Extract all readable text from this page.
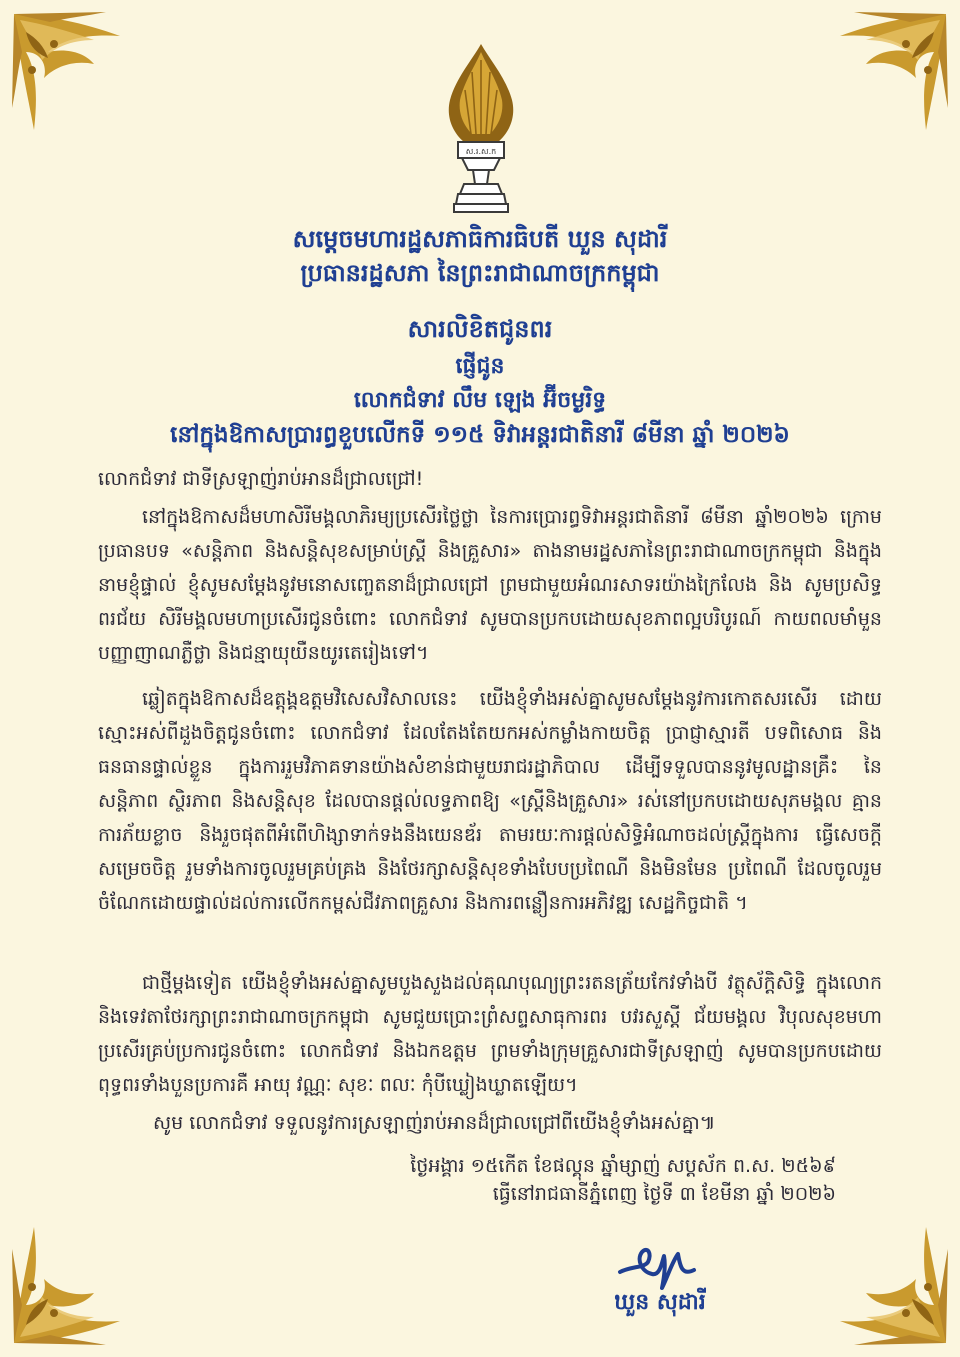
ស.រ.ស.ក
សម្តេចមហារដ្ឋសភាធិការធិបតី ឃួន សុដារី
ប្រធានរដ្ឋសភា នៃព្រះរាជាណាចក្រកម្ពុជា
សារលិខិតជូនពរ
ផ្ញើជូន
លោកជំទាវ លឹម ឡេង អ៊ីចម្ងរិទ្ធ
នៅក្នុងឱកាសប្រារព្ធខួបលើកទី ១១៥ ទិវាអន្តរជាតិនារី ៨មីនា ឆ្នាំ ២០២៦
លោកជំទាវ ជាទីស្រឡាញ់រាប់អានដ៏ជ្រាលជ្រៅ!
នៅក្នុងឱកាសដ៏មហាសិរីមង្គលាភិរម្យប្រសើរថ្លៃថ្លា នៃការប្រោរព្ធទិវាអន្តរជាតិនារី ៨មីនា ឆ្នាំ២០២៦ ក្រោមប្រធានបទ «សន្តិភាព និងសន្តិសុខសម្រាប់ស្ត្រី និងគ្រួសារ» តាងនាមរដ្ឋសភានៃព្រះរាជាណាចក្រកម្ពុជា និងក្នុងនាមខ្ញុំផ្ទាល់ ខ្ញុំសូមសម្តែងនូវមនោសញ្ចេតនាដ៏ជ្រាលជ្រៅ ព្រមជាមួយអំណរសាទរយ៉ាងក្រៃលែង និង សូមប្រសិទ្ធពរជ័យ សិរីមង្គលមហាប្រសើរជូនចំពោះ លោកជំទាវ សូមបានប្រកបដោយសុខភាពល្អបរិបូរណ៍ កាយពលមាំមួន បញ្ញាញាណភ្លឺថ្លា និងជន្មាយុយឺនយូរតេរៀងទៅ។
ឆ្លៀតក្នុងឱកាសដ៏ឧត្តុង្គឧត្តមវិសេសវិសាលនេះ យើងខ្ញុំទាំងអស់គ្នាសូមសម្តែងនូវការកោតសរសើរ ដោយស្មោះអស់ពីដួងចិត្តជូនចំពោះ លោកជំទាវ ដែលតែងតែយកអស់កម្លាំងកាយចិត្ត ប្រាជ្ញាស្មារតី បទពិសោធ និងធនធានផ្ទាល់ខ្លួន ក្នុងការរួមវិភាគទានយ៉ាងសំខាន់ជាមួយរាជរដ្ឋាភិបាល ដើម្បីទទួលបាននូវមូលដ្ឋានគ្រឹះ នៃសន្តិភាព ស្ថិរភាព និងសន្តិសុខ ដែលបានផ្តល់លទ្ធភាពឱ្យ «ស្ត្រីនិងគ្រួសារ» រស់នៅប្រកបដោយសុភមង្គល គ្មានការភ័យខ្លាច និងរួចផុតពីអំពើហិង្សាទាក់ទងនឹងយេនឌ័រ តាមរយៈការផ្តល់សិទ្ធិអំណាចដល់ស្ត្រីក្នុងការ ធ្វើសេចក្តីសម្រេចចិត្ត រួមទាំងការចូលរួមគ្រប់គ្រង និងថែរក្សាសន្តិសុខទាំងបែបប្រពៃណី និងមិនមែន ប្រពៃណី ដែលចូលរួមចំណែកដោយផ្ទាល់ដល់ការលើកកម្ពស់ជីវភាពគ្រួសារ និងការពន្លឿនការអភិវឌ្ឍ សេដ្ឋកិច្ចជាតិ ។
ជាថ្មីម្តងទៀត យើងខ្ញុំទាំងអស់គ្នាសូមបួងសួងដល់គុណបុណ្យព្រះរតនត្រ័យកែវទាំងបី វត្ថុស័ក្តិសិទ្ធិ ក្នុងលោក និងទេវតាថែរក្សាព្រះរាជាណាចក្រកម្ពុជា សូមជួយប្រោះព្រំសព្ទសាធុការពរ បវរសួស្តី ជ័យមង្គល វិបុលសុខមហាប្រសើរគ្រប់ប្រការជូនចំពោះ លោកជំទាវ និងឯកឧត្តម ព្រមទាំងក្រុមគ្រួសារជាទីស្រឡាញ់ សូមបានប្រកបដោយពុទ្ធពរទាំងបួនប្រការគឺ អាយុ វណ្ណៈ សុខៈ ពលៈ កុំបីឃ្លៀងឃ្លាតឡើយ។
សូម លោកជំទាវ ទទួលនូវការស្រឡាញ់រាប់អានដ៏ជ្រាលជ្រៅពីយើងខ្ញុំទាំងអស់គ្នា៕
ថ្ងៃអង្គារ ១៥កើត ខែផល្គុន ឆ្នាំម្សាញ់ សប្តស័ក ព.ស. ២៥៦៩
ធ្វើនៅរាជធានីភ្នំពេញ ថ្ងៃទី ៣ ខែមីនា ឆ្នាំ ២០២៦
ឃួន សុដារី
